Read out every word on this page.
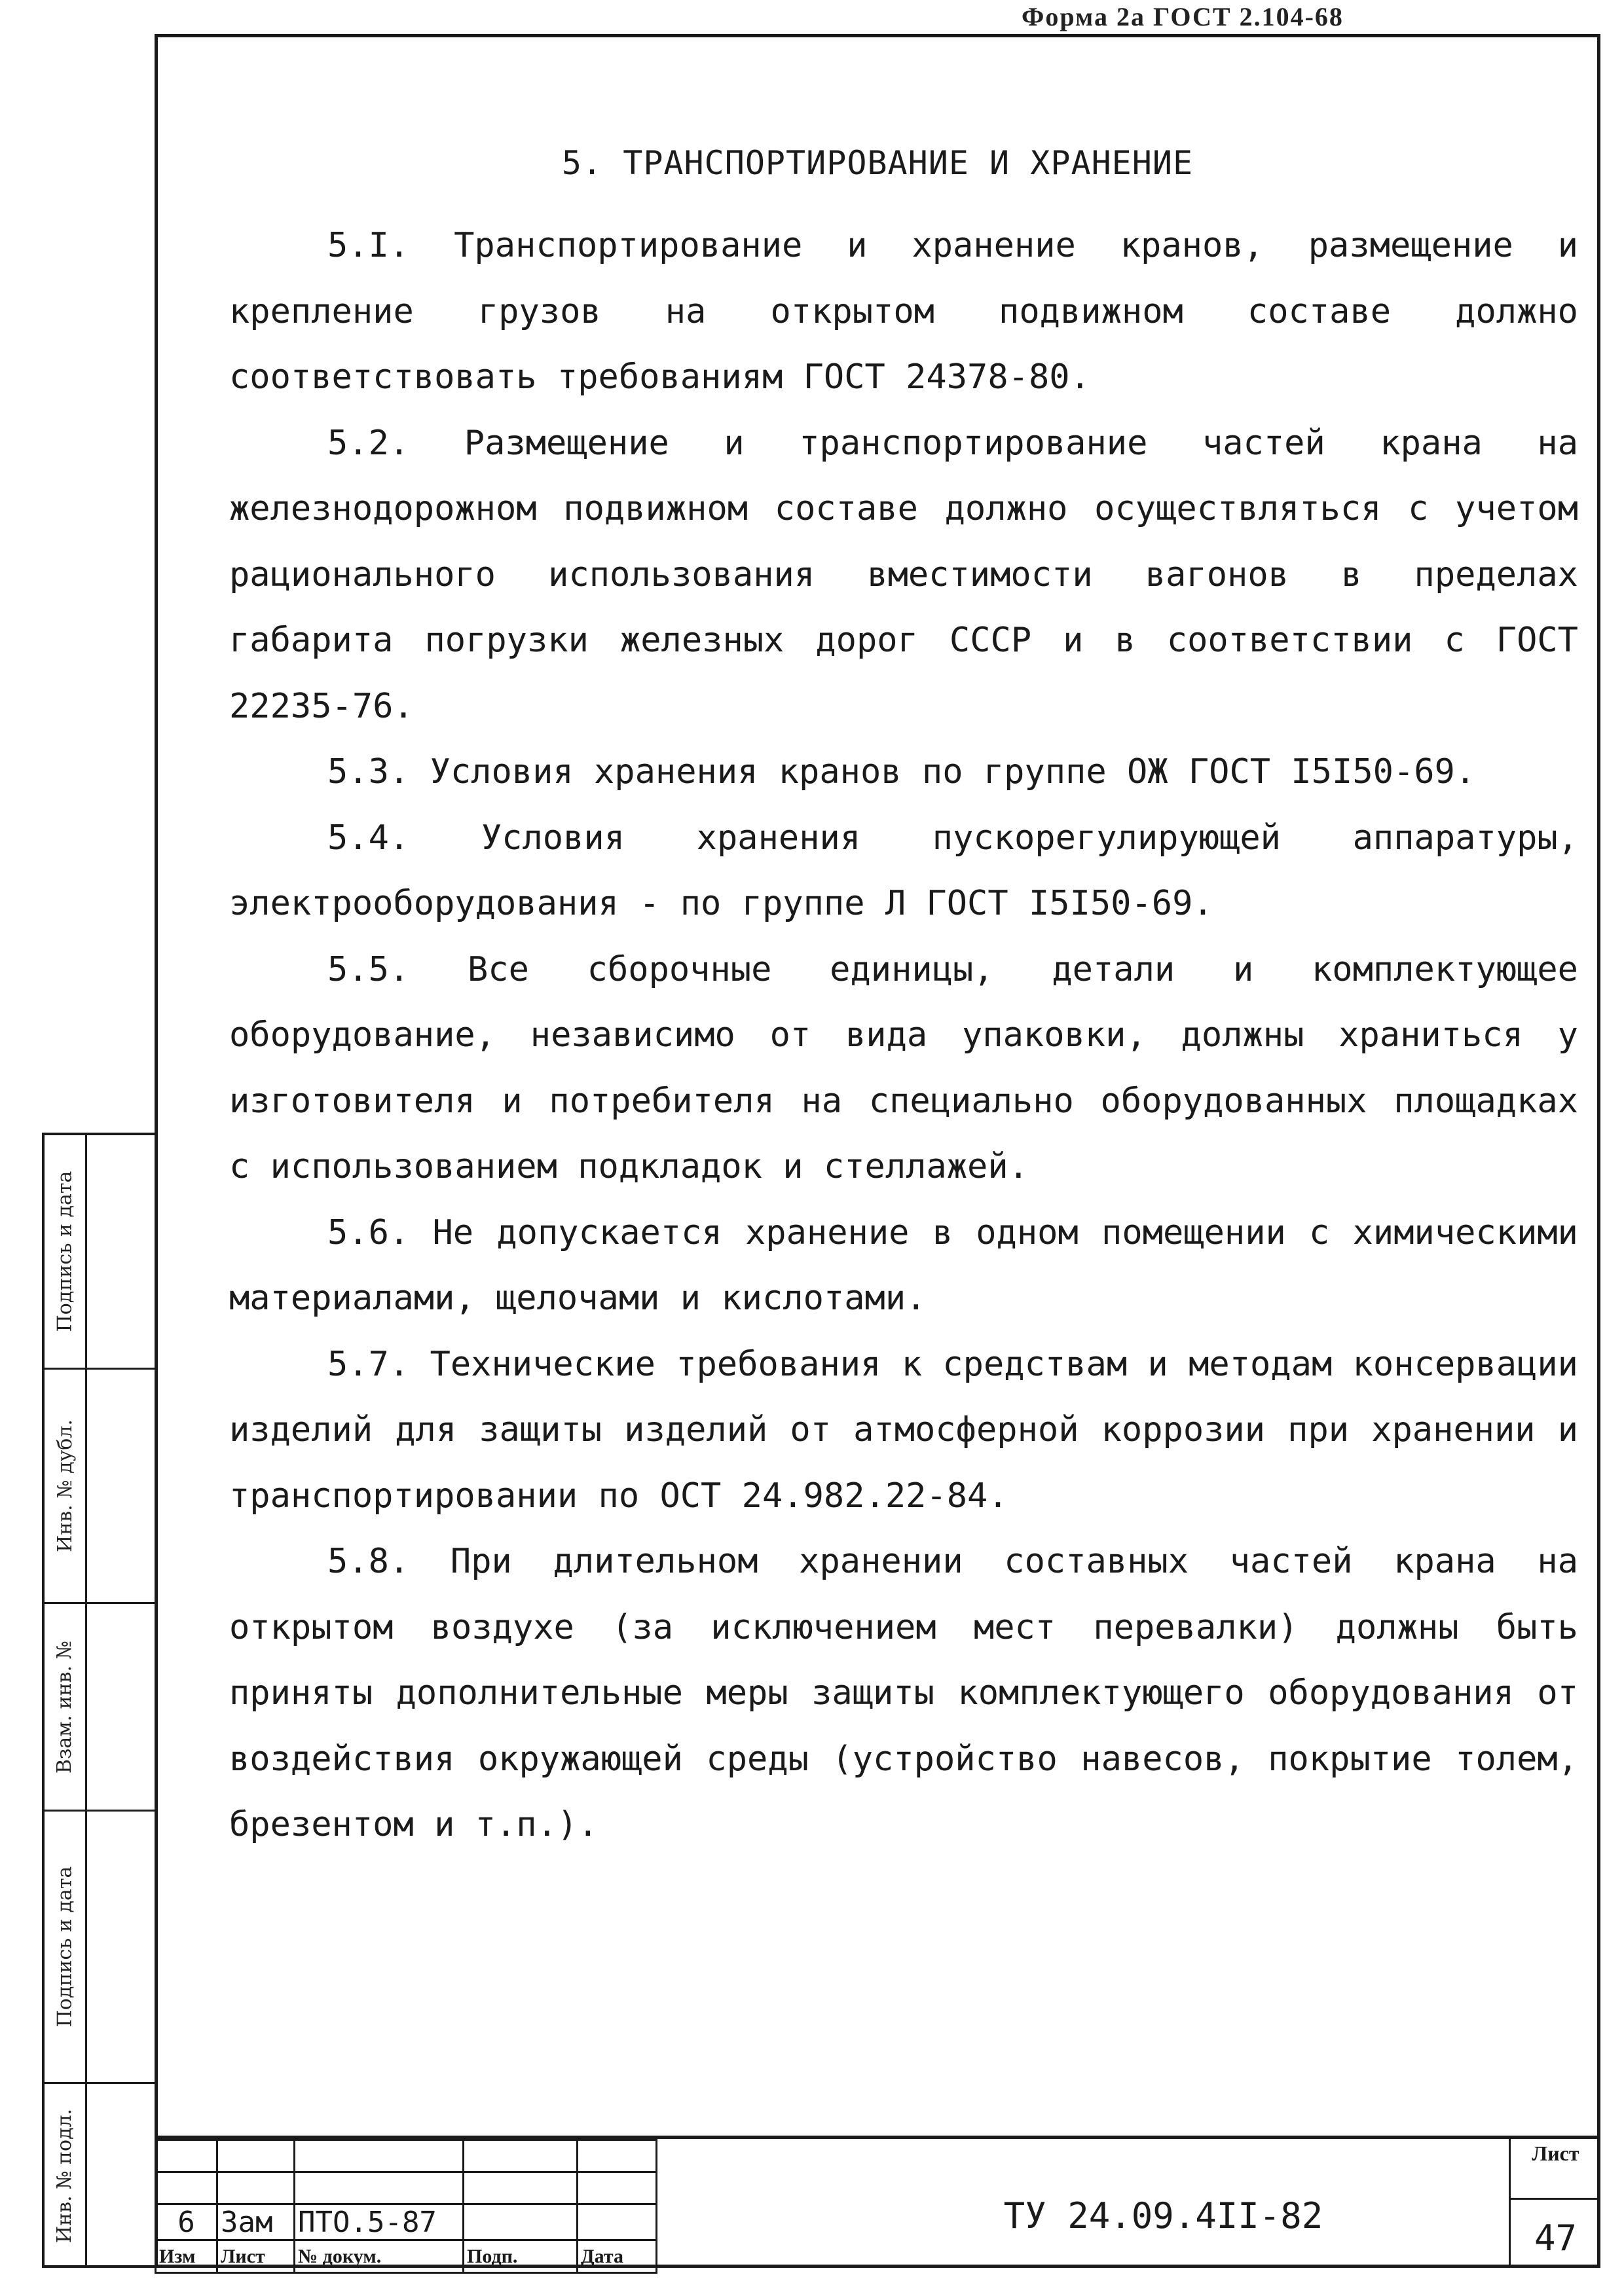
Форма 2а ГОСТ 2.104-68
Подпись и дата
Инв. № дубл.
Взам. инв. №
Подпись и дата
Инв. № подл.
5. ТРАНСПОРТИРОВАНИЕ И ХРАНЕНИЕ

5.I. Транспортирование и хранение кранов, размещение и крепление грузов на открытом подвижном составе должно соответствовать требованиям ГОСТ 24378-80.

5.2. Размещение и транспортирование частей крана на железнодорожном подвижном составе должно осуществляться с учетом рационального использования вместимости вагонов в пределах габарита погрузки железных дорог СССР и в соответствии с ГОСТ 22235-76.

5.3. Условия хранения кранов по группе ОЖ ГОСТ I5I50-69.

5.4. Условия хранения пускорегулирующей аппаратуры, электрооборудования - по группе Л ГОСТ I5I50-69.

5.5. Все сборочные единицы, детали и комплектующее оборудование, независимо от вида упаковки, должны храниться у изготовителя и потребителя на специально оборудованных площадках с использованием подкладок и стеллажей.

5.6. Не допускается хранение в одном помещении с химическими материалами, щелочами и кислотами.

5.7. Технические требования к средствам и методам консервации изделий для защиты изделий от атмосферной коррозии при хранении и транспортировании по ОСТ 24.982.22-84.

5.8. При длительном хранении составных частей крана на открытом воздухе (за исключением мест перевалки) должны быть приняты дополнительные меры защиты комплектующего оборудования от воздействия окружающей среды (устройство навесов, покрытие толем, брезентом и т.п.).

6	Зам	ПТО.5-87		
Изм	Лист	№ докум.	Подп.	Дата
ТУ 24.09.4II-82
Лист
47
